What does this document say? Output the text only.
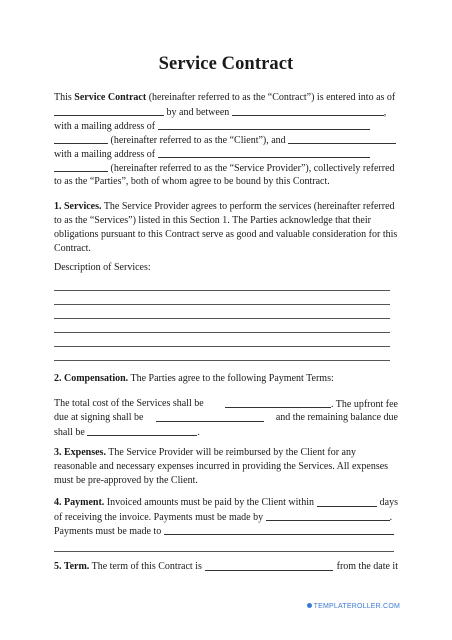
Service Contract
This Service Contract (hereinafter referred to as the “Contract”) is entered into as of
by and between	,
with a mailing address of
(hereinafter referred to as the “Client”), and
with a mailing address of
(hereinafter referred to as the “Service Provider”), collectively referred
to as the “Parties”, both of whom agree to be bound by this Contract.
1. Services. The Service Provider agrees to perform the services (hereinafter referred
to as the “Services”) listed in this Section 1. The Parties acknowledge that their
obligations pursuant to this Contract serve as good and valuable consideration for this
Contract.
Description of Services:
2. Compensation. The Parties agree to the following Payment Terms:
The total cost of the Services shall be	. The upfront fee
due at signing shall be	and the remaining balance due
shall be	.
3. Expenses. The Service Provider will be reimbursed by the Client for any
reasonable and necessary expenses incurred in providing the Services. All expenses
must be pre-approved by the Client.
4. Payment. Invoiced amounts must be paid by the Client within	days
of receiving the invoice. Payments must be made by	.
Payments must be made to
5. Term. The term of this Contract is	from the date it
TEMPLATEROLLER.COM
